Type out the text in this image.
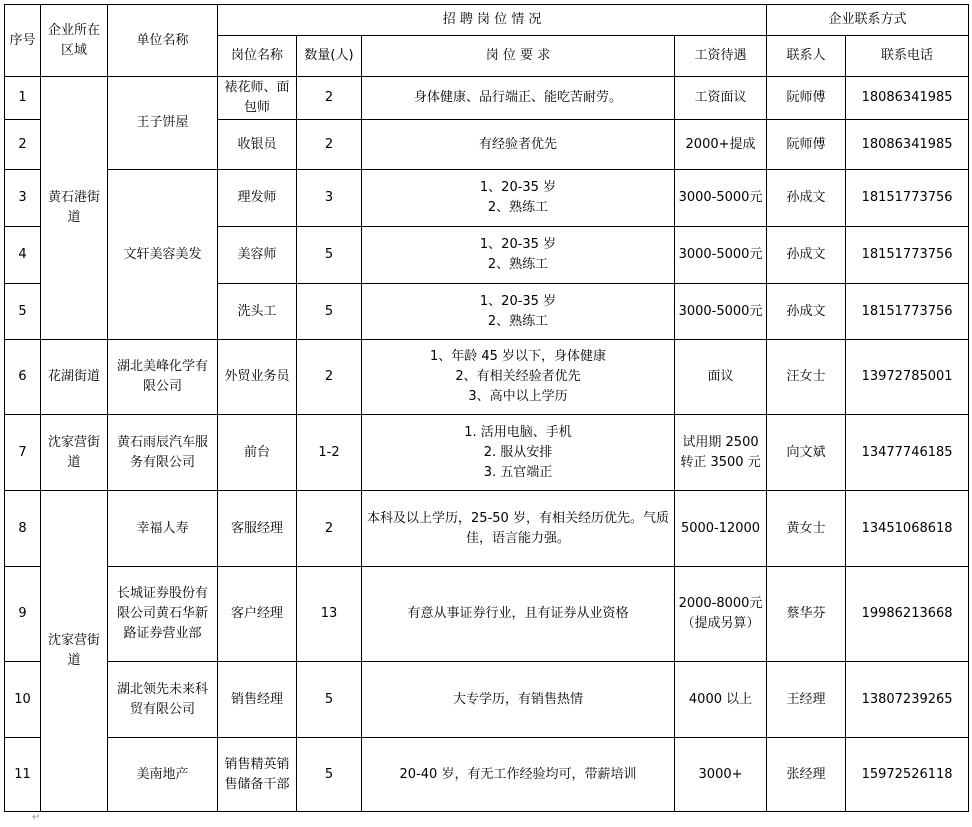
序号	企业所在区域	单位名称	招 聘 岗 位 情 况				企业联系方式	
			岗位名称	数量(人)	岗 位 要 求	工资待遇	联系人	联系电话
1	黄石港街道	王子饼屋	裱花师、面包师	2	身体健康、品行端正、能吃苦耐劳。	工资面议	阮师傅	18086341985
2			收银员	2	有经验者优先	2000+提成	阮师傅	18086341985
3		文轩美容美发	理发师	3	1、20-35 岁
2、熟练工	3000-5000元	孙成文	18151773756
4			美容师	5	1、20-35 岁
2、熟练工	3000-5000元	孙成文	18151773756
5			洗头工	5	1、20-35 岁
2、熟练工	3000-5000元	孙成文	18151773756
6	花湖街道	湖北美峰化学有限公司	外贸业务员	2	1、年龄 45 岁以下，身体健康
2、有相关经验者优先
3、高中以上学历	面议	汪女士	13972785001
7	沈家营街道	黄石雨辰汽车服务有限公司	前台	1-2	1. 活用电脑、手机
2. 服从安排
3. 五官端正	试用期 2500 转正 3500 元	向文斌	13477746185
8	沈家营街道	幸福人寿	客服经理	2	本科及以上学历，25-50 岁，有相关经历优先。气质佳，语言能力强。	5000-12000	黄女士	13451068618
9		长城证券股份有限公司黄石华新路证券营业部	客户经理	13	有意从事证券行业，且有证券从业资格	2000-8000元（提成另算）	蔡华芬	19986213668
10		湖北领先未来科贸有限公司	销售经理	5	大专学历，有销售热情	4000 以上	王经理	13807239265
11		美南地产	销售精英销售储备干部	5	20-40 岁，有无工作经验均可，带薪培训	3000+	张经理	15972526118
↵
